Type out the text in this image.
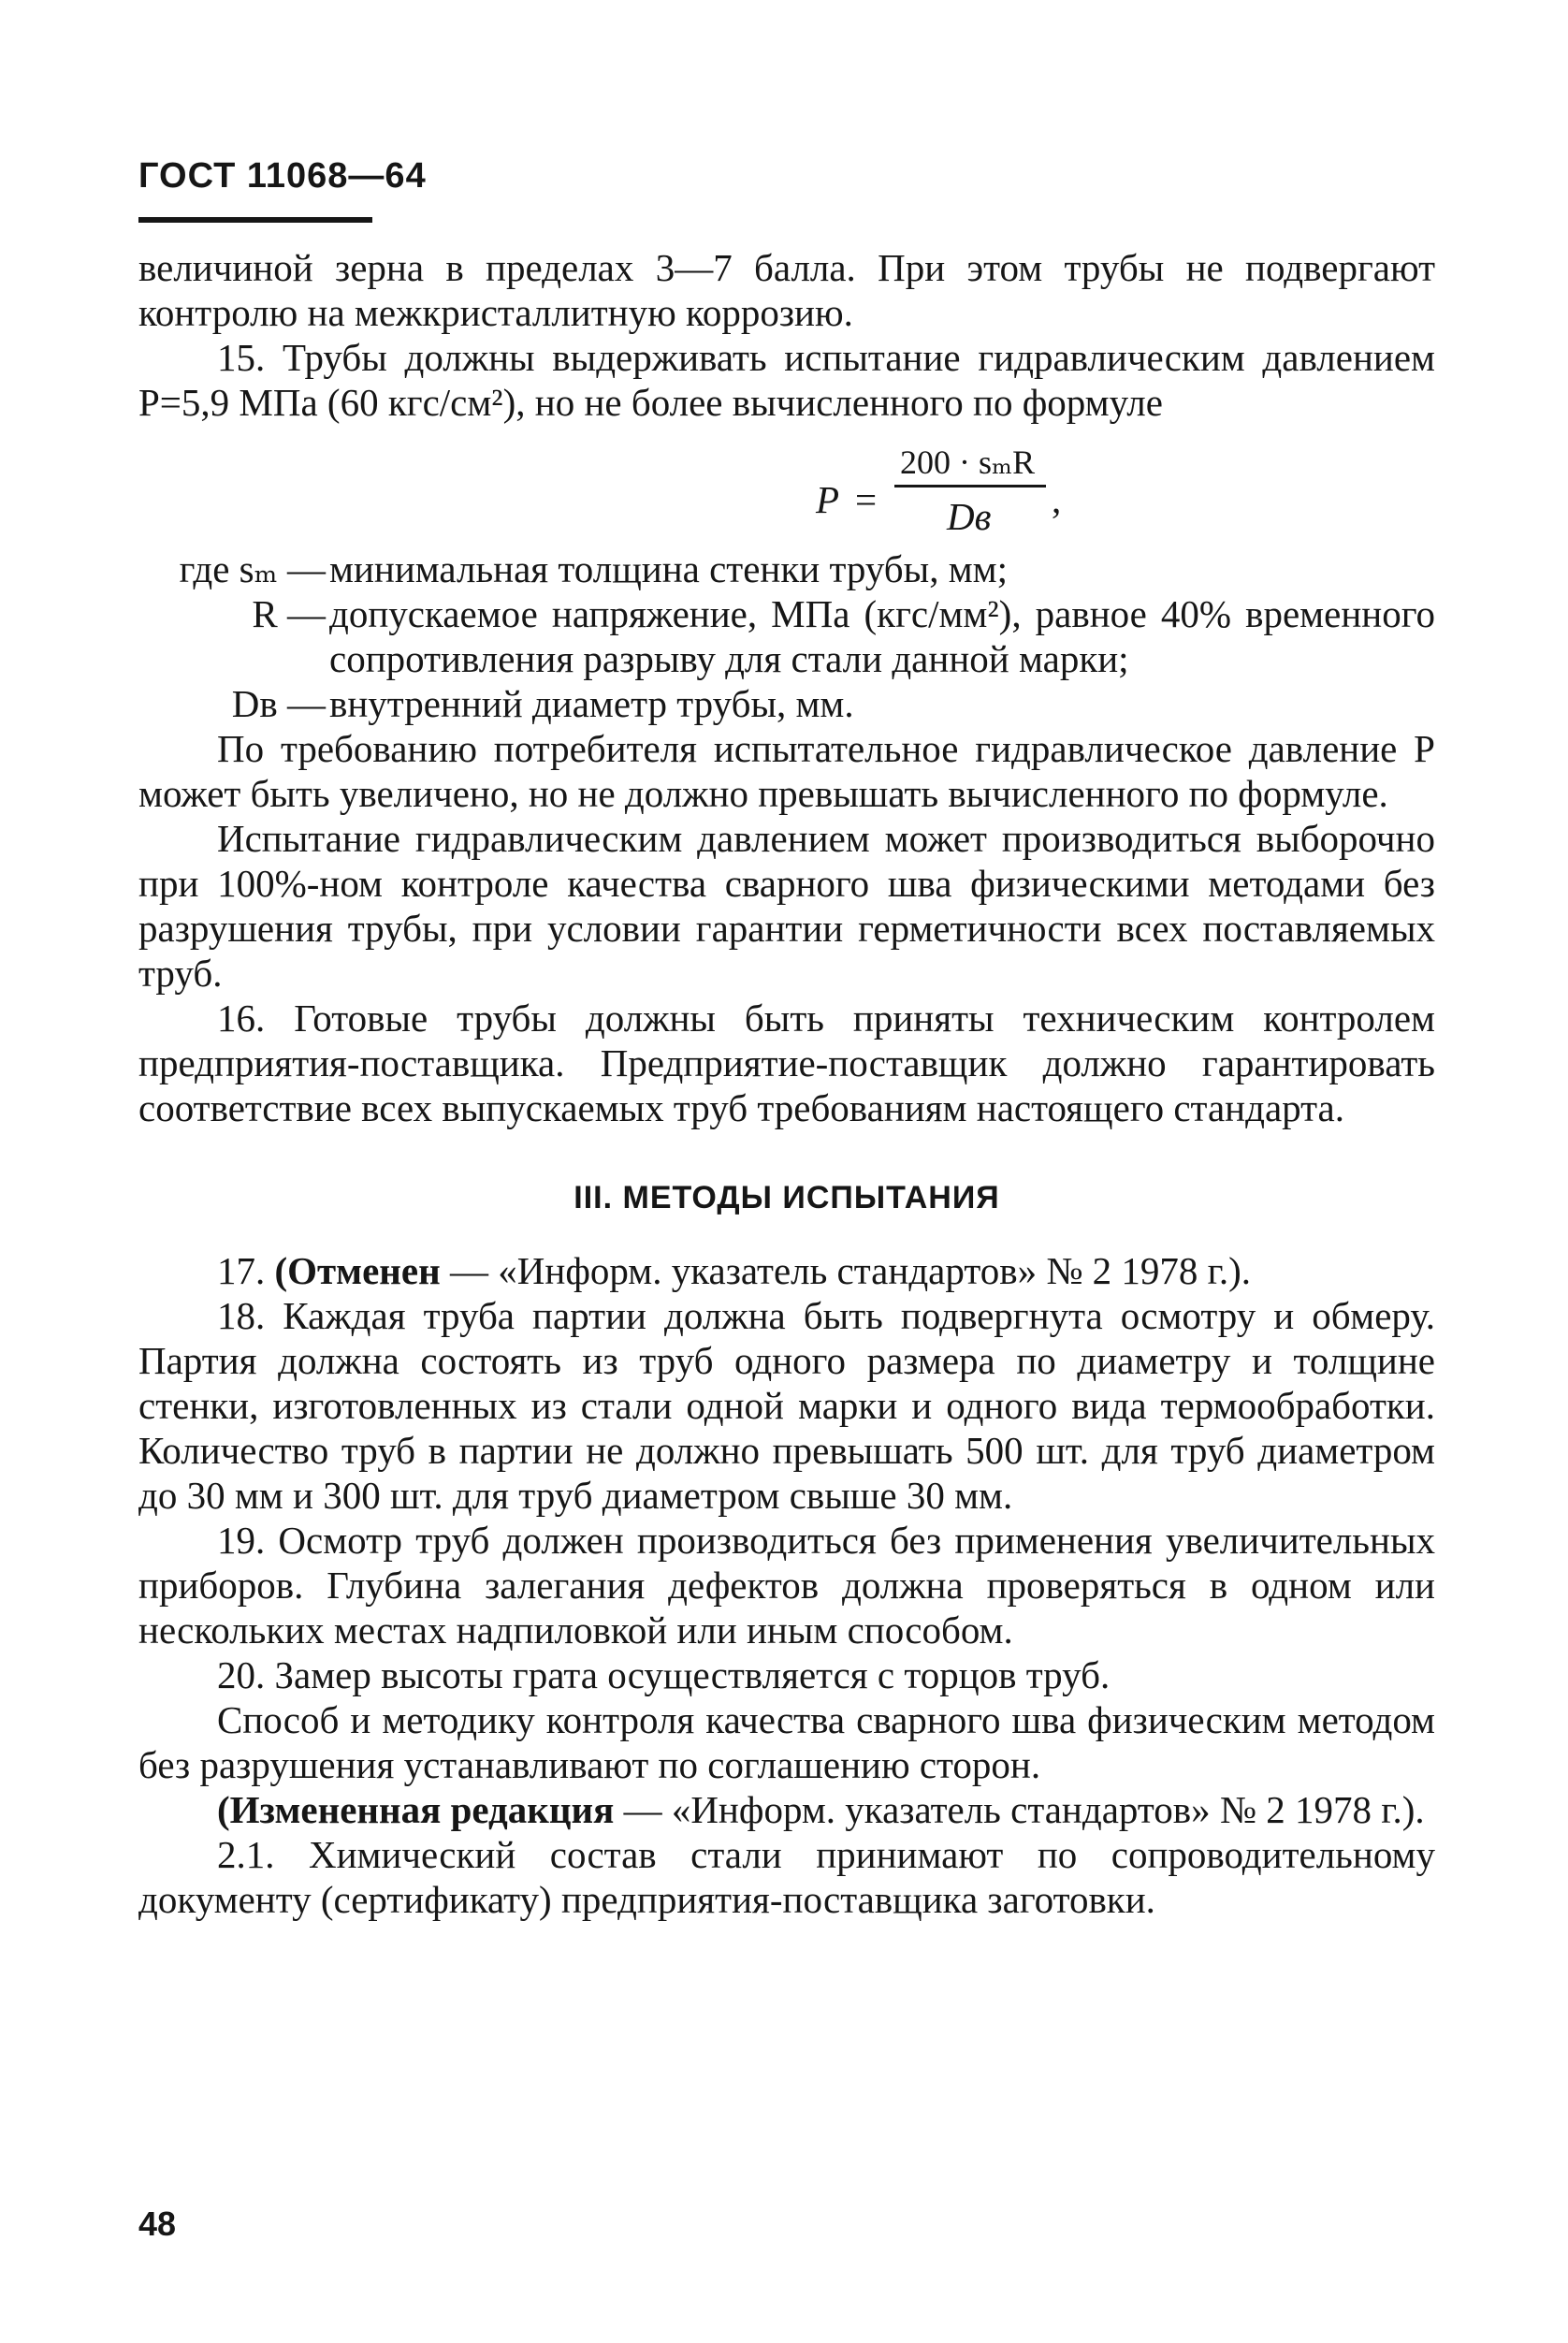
ГОСТ 11068—64

величиной зерна в пределах 3—7 балла. При этом трубы не подвергают контролю на межкристаллитную коррозию.

15. Трубы должны выдерживать испытание гидравлическим давлением Р=5,9 МПа (60 кгс/см²), но не более вычисленного по формуле

Р =
200 · sₘR
Dв ,
где sₘ — минимальная толщина стенки трубы, мм;
R — допускаемое напряжение, МПа (кгс/мм²), равное 40% временного сопротивления разрыву для стали данной марки;
Dв — внутренний диаметр трубы, мм.

По требованию потребителя испытательное гидравлическое давление Р может быть увеличено, но не должно превышать вычисленного по формуле.

Испытание гидравлическим давлением может производиться выборочно при 100%-ном контроле качества сварного шва физическими методами без разрушения трубы, при условии гарантии герметичности всех поставляемых труб.

16. Готовые трубы должны быть приняты техническим контролем предприятия-поставщика. Предприятие-поставщик должно гарантировать соответствие всех выпускаемых труб требованиям настоящего стандарта.

III. МЕТОДЫ ИСПЫТАНИЯ

17. (Отменен — «Информ. указатель стандартов» № 2 1978 г.).

18. Каждая труба партии должна быть подвергнута осмотру и обмеру. Партия должна состоять из труб одного размера по диаметру и толщине стенки, изготовленных из стали одной марки и одного вида термообработки. Количество труб в партии не должно превышать 500 шт. для труб диаметром до 30 мм и 300 шт. для труб диаметром свыше 30 мм.

19. Осмотр труб должен производиться без применения увеличительных приборов. Глубина залегания дефектов должна проверяться в одном или нескольких местах надпиловкой или иным способом.

20. Замер высоты грата осуществляется с торцов труб.

Способ и методику контроля качества сварного шва физическим методом без разрушения устанавливают по соглашению сторон.

(Измененная редакция — «Информ. указатель стандартов» № 2 1978 г.).

2.1. Химический состав стали принимают по сопроводительному документу (сертификату) предприятия-поставщика заготовки.

48
